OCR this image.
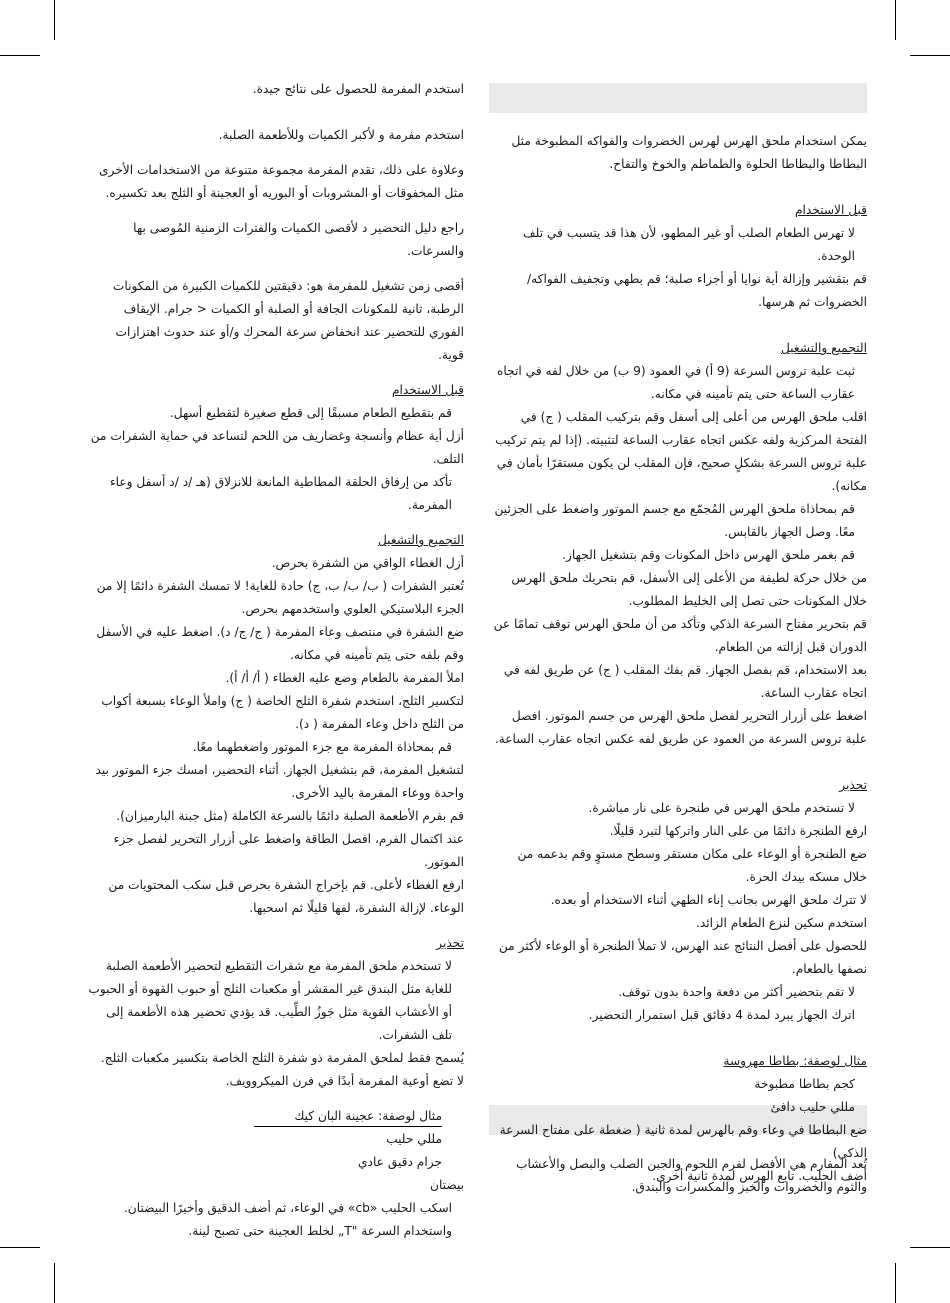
يمكن استخدام ملحق الهرس لهرس الخضروات والفواكه المطبوخة مثل البطاطا والبطاطا الحلوة والطماطم والخوخ والتفاح.

قبل الاستخدام

لا تهرس الطعام الصلب أو غير المطهو، لأن هذا قد يتسبب في تلف الوحدة.

قم بتقشير وإزالة أية نوايا أو أجزاء صلبة؛ قم بطهي وتجفيف الفواكه/الخضروات ثم هرسها.

التجميع والتشغيل

ثبت علبة تروس السرعة (9 أ) في العمود (9 ب) من خلال لفه في اتجاه عقارب الساعة حتى يتم تأمينه في مكانه.

اقلب ملحق الهرس من أعلى إلى أسفل وقم بتركيب المقلب ( ج) في الفتحة المركزية ولفه عكس اتجاه عقارب الساعة لتثبيته. (إذا لم يتم تركيب علبة تروس السرعة بشكلٍ صحيح، فإن المقلب لن يكون مستقرًا بأمان في مكانه).

قم بمحاذاة ملحق الهرس المُجمّع مع جسم الموتور واضغط على الجزئين معًا. وصل الجهاز بالقابس.

قم بغمر ملحق الهرس داخل المكونات وقم بتشغيل الجهاز.

من خلال حركة لطيفة من الأعلى إلى الأسفل، قم بتحريك ملحق الهرس خلال المكونات حتى تصل إلى الخليط المطلوب.

قم بتحرير مفتاح السرعة الذكي وتأكد من أن ملحق الهرس توقف تمامًا عن الدوران قبل إزالته من الطعام.

بعد الاستخدام، قم بفصل الجهاز. قم بفك المقلب ( ج) عن طريق لفه في اتجاه عقارب الساعة.

اضغط على أزرار التحرير لفصل ملحق الهرس من جسم الموتور. افصل علبة تروس السرعة من العمود عن طريق لفه عكس اتجاه عقارب الساعة.

تحذير

لا تستخدم ملحق الهرس في طنجرة على نار مباشرة.

ارفع الطنجرة دائمًا من على النار واتركها لتبرد قليلًا.

ضع الطنجرة أو الوعاء على مكان مستقر وسطح مستوٍ وقم بدعمه من خلال مسكه بيدك الحرة.

لا تترك ملحق الهرس بجانب إناء الطهي أثناء الاستخدام أو بعده.

استخدم سكين لنزع الطعام الزائد.

للحصول على أفضل النتائج عند الهرس، لا تملأ الطنجرة أو الوعاء لأكثر من نصفها بالطعام.

لا تقم بتحضير أكثر من دفعة واحدة بدون توقف.

اترك الجهاز يبرد لمدة 4 دقائق قبل استمرار التحضير.

مثال لوصفة: بطاطا مهروسة

كجم بطاطا مطبوخة

مللي حليب دافئ

ضع البطاطا في وعاء وقم بالهرس لمدة ثانية ( ضغطة على مفتاح السرعة الذكي)

أضف الحليب. تابع الهرس لمدة ثانية أخرى.

تُعد المفارم هي الأفضل لفرم اللحوم والجبن الصلب والبصل والأعشاب والثوم والخضروات والخبز والمكسرات والبندق.

استخدم المفرمة للحصول على نتائج جيدة.

استخدم مفرمة و لأكبر الكميات وللأطعمة الصلبة.

وعلاوة على ذلك، تقدم المفرمة مجموعة متنوعة من الاستخدامات الأخرى مثل المخفوقات أو المشروبات أو البوريه أو العجينة أو الثلج بعد تكسيره.

راجع دليل التحضير د لأقصى الكميات والفترات الزمنية المُوصى بها والسرعات.

أقصى زمن تشغيل للمفرمة هو: دقيقتين للكميات الكبيرة من المكونات الرطبة، ثانية للمكونات الجافة أو الصلبة أو الكميات < جرام. الإيقاف الفوري للتحضير عند انخفاض سرعة المحرك و/أو عند حدوث اهتزازات قوية.

قبل الاستخدام

قم بتقطيع الطعام مسبقًا إلى قطع صغيرة لتقطيع أسهل.

أزل أية عظام وأنسجة وغضاريف من اللحم لتساعد في حماية الشفرات من التلف.

تأكد من إرفاق الحلقة المطاطية المانعة للانزلاق (هـ /د /د أسفل وعاء المفرمة.

التجميع والتشغيل

أزل الغطاء الواقي من الشفرة بحرص.

تُعتبر الشفرات ( ب/ ب/ ب، ج) حادة للغاية! لا تمسك الشفرة دائمًا إلا من الجزء البلاستيكي العلوي واستخدمهم بحرص.

ضع الشفرة في منتصف وعاء المفرمة ( ج/ ج/ د). اضغط عليه في الأسفل وقم بلفه حتى يتم تأمينه في مكانه.

املأ المفرمة بالطعام وضع عليه الغطاء ( أ/ أ/ أ).

لتكسير الثلج، استخدم شفرة الثلج الخاصة ( ج) واملأ الوعاء بسبعة أكواب من الثلج داخل وعاء المفرمة ( د).

قم بمحاذاة المفرمة مع جزء الموتور واضغطهما معًا.

لتشغيل المفرمة، قم بتشغيل الجهاز. أثناء التحضير، امسك جزء الموتور بيد واحدة ووعاء المفرمة باليد الأخرى.

قم بفرم الأطعمة الصلبة دائمًا بالسرعة الكاملة (مثل جبنة البارميزان).

عند اكتمال الفرم، افصل الطاقة واضغط على أزرار التحرير لفصل جزء الموتور.

ارفع الغطاء لأعلى. قم بإخراج الشفرة بحرص قبل سكب المحتويات من الوعاء. لإزالة الشفرة، لفها قليلًا ثم اسحبها.

تحذير

لا تستخدم ملحق المفرمة مع شفرات التقطيع لتحضير الأطعمة الصلبة للغاية مثل البندق غير المقشر أو مكعبات الثلج أو حبوب القهوة أو الحبوب أو الأعشاب القوية مثل جَوزُ الطِّيب. قد يؤدي تحضير هذه الأطعمة إلى تلف الشفرات.

يُسمح فقط لملحق المفرمة ذو شفرة الثلج الخاصة بتكسير مكعبات الثلج.

لا تضع أوعية المفرمة أبدًا في فرن الميكروويف.

مثال لوصفة: عجينة البان كيك

مللي حليب

جرام دقيق عادي

بيضتان

اسكب الحليب «cb» في الوعاء، ثم أضف الدقيق وأخيرًا البيضتان.

واستخدام السرعة "T„ لخلط العجينة حتى تصبح لينة.
